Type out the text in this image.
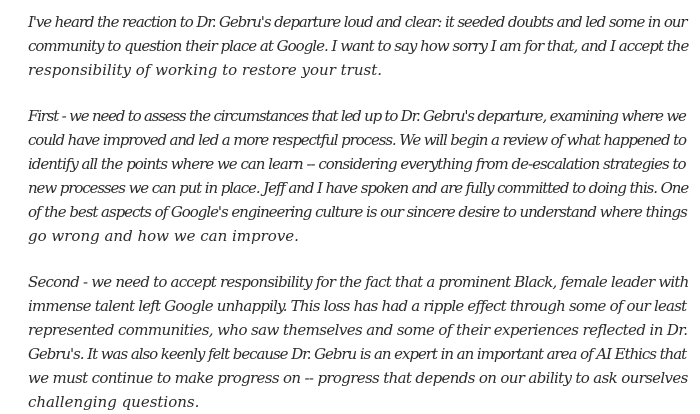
I've heard the reaction to Dr. Gebru's departure loud and clear: it seeded doubts and led some in our
community to question their place at Google. I want to say how sorry I am for that, and I accept the
responsibility of working to restore your trust.

First - we need to assess the circumstances that led up to Dr. Gebru's departure, examining where we
could have improved and led a more respectful process. We will begin a review of what happened to
identify all the points where we can learn -- considering everything from de-escalation strategies to
new processes we can put in place. Jeff and I have spoken and are fully committed to doing this. One
of the best aspects of Google's engineering culture is our sincere desire to understand where things
go wrong and how we can improve.

Second - we need to accept responsibility for the fact that a prominent Black, female leader with
immense talent left Google unhappily. This loss has had a ripple effect through some of our least
represented communities, who saw themselves and some of their experiences reflected in Dr.
Gebru's. It was also keenly felt because Dr. Gebru is an expert in an important area of AI Ethics that
we must continue to make progress on -- progress that depends on our ability to ask ourselves
challenging questions.
